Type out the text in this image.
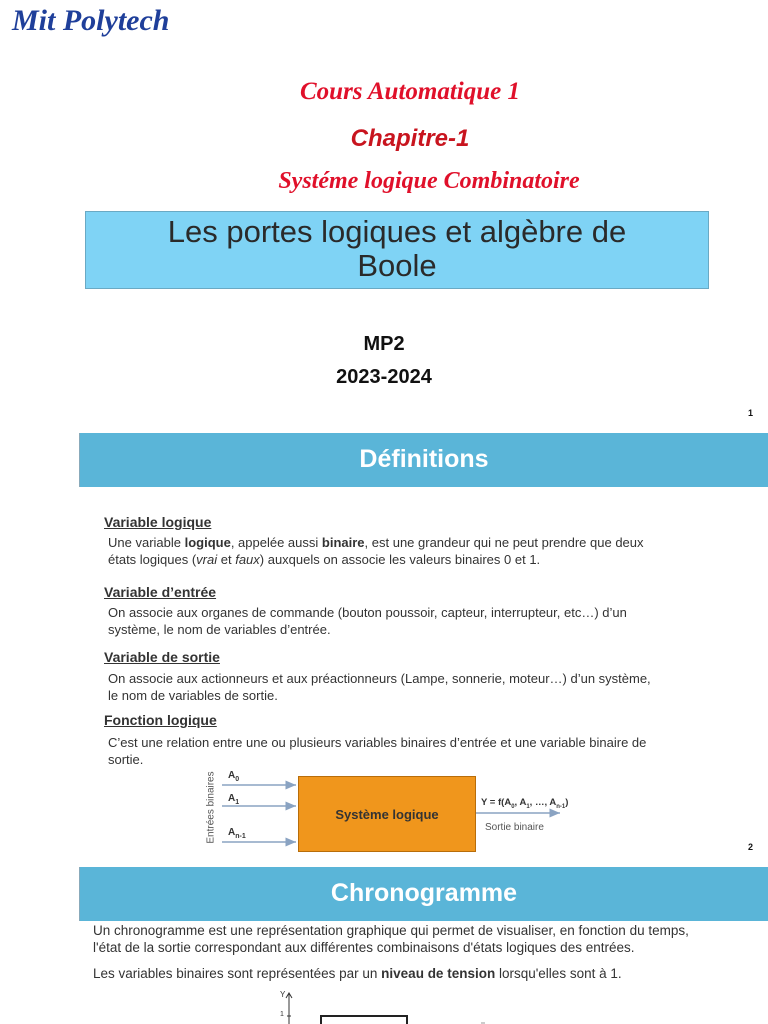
Mit Polytech
Cours Automatique 1
Chapitre-1
Systéme logique Combinatoire
Les portes logiques et algèbre de
Boole
MP2
2023-2024
1
Définitions
Variable logique
Une variable logique, appelée aussi binaire, est une grandeur qui ne peut prendre que deux
états logiques (vrai et faux) auxquels on associe les valeurs binaires 0 et 1.
Variable d’entrée
On associe aux organes de commande (bouton poussoir, capteur, interrupteur, etc…) d’un
système, le nom de variables d’entrée.
Variable de sortie
On associe aux actionneurs et aux préactionneurs (Lampe, sonnerie, moteur…) d’un système,
le nom de variables de sortie.
Fonction logique
C’est une relation entre une ou plusieurs variables binaires d’entrée et une variable binaire de
sortie.
Entrées binaires $A_0$
$A_1$
$A_{n-1}$
Système logique
$Y = f(A_0$, $A_1$, …, $A_{n-1}$)
Sortie binaire
2
Chronogramme
Un chronogramme est une représentation graphique qui permet de visualiser, en fonction du temps,
l'état de la sortie correspondant aux différentes combinaisons d'états logiques des entrées.
Les variables binaires sont représentées par un niveau de tension lorsqu'elles sont à 1.
Y
1
